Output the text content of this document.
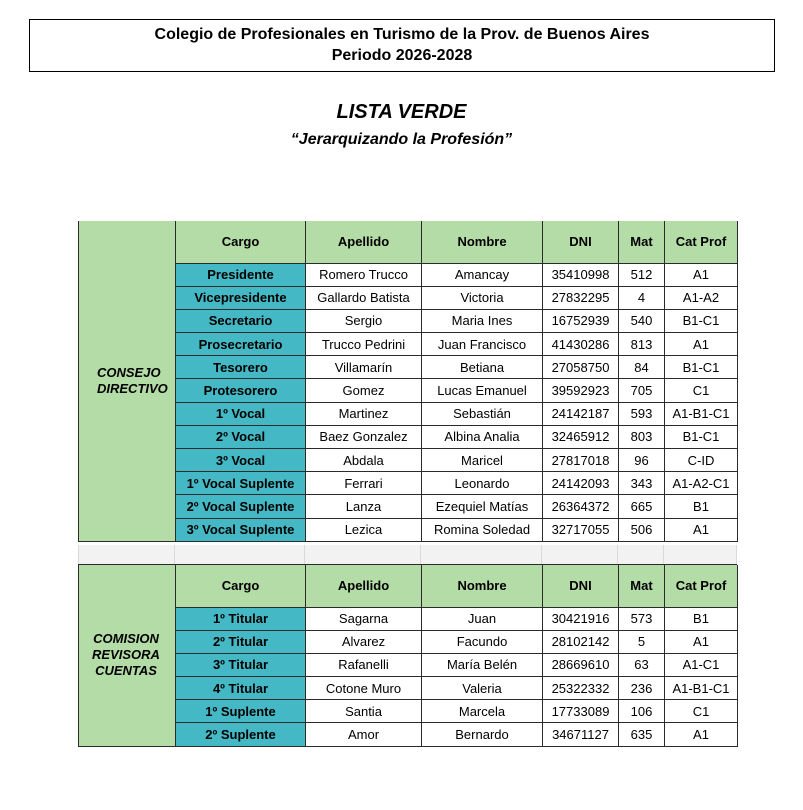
Colegio de Profesionales en Turismo de la Prov. de Buenos Aires
Periodo 2026-2028
LISTA VERDE
“Jerarquizando la Profesión”
CONSEJO
DIRECTIVO	Cargo	Apellido	Nombre	DNI	Mat	Cat Prof
	Presidente	Romero Trucco	Amancay	35410998	512	A1
	Vicepresidente	Gallardo Batista	Victoria	27832295	4	A1-A2
	Secretario	Sergio	Maria Ines	16752939	540	B1-C1
	Prosecretario	Trucco Pedrini	Juan Francisco	41430286	813	A1
	Tesorero	Villamarín	Betiana	27058750	84	B1-C1
	Protesorero	Gomez	Lucas Emanuel	39592923	705	C1
	1º Vocal	Martinez	Sebastián	24142187	593	A1-B1-C1
	2º Vocal	Baez Gonzalez	Albina Analia	32465912	803	B1-C1
	3º Vocal	Abdala	Maricel	27817018	96	C-ID
	1º Vocal Suplente	Ferrari	Leonardo	24142093	343	A1-A2-C1
	2º Vocal Suplente	Lanza	Ezequiel Matías	26364372	665	B1
	3º Vocal Suplente	Lezica	Romina Soledad	32717055	506	A1
COMISION
REVISORA
CUENTAS	Cargo	Apellido	Nombre	DNI	Mat	Cat Prof
	1º Titular	Sagarna	Juan	30421916	573	B1
	2º Titular	Alvarez	Facundo	28102142	5	A1
	3º Titular	Rafanelli	María Belén	28669610	63	A1-C1
	4º Titular	Cotone Muro	Valeria	25322332	236	A1-B1-C1
	1º Suplente	Santia	Marcela	17733089	106	C1
	2º Suplente	Amor	Bernardo	34671127	635	A1
